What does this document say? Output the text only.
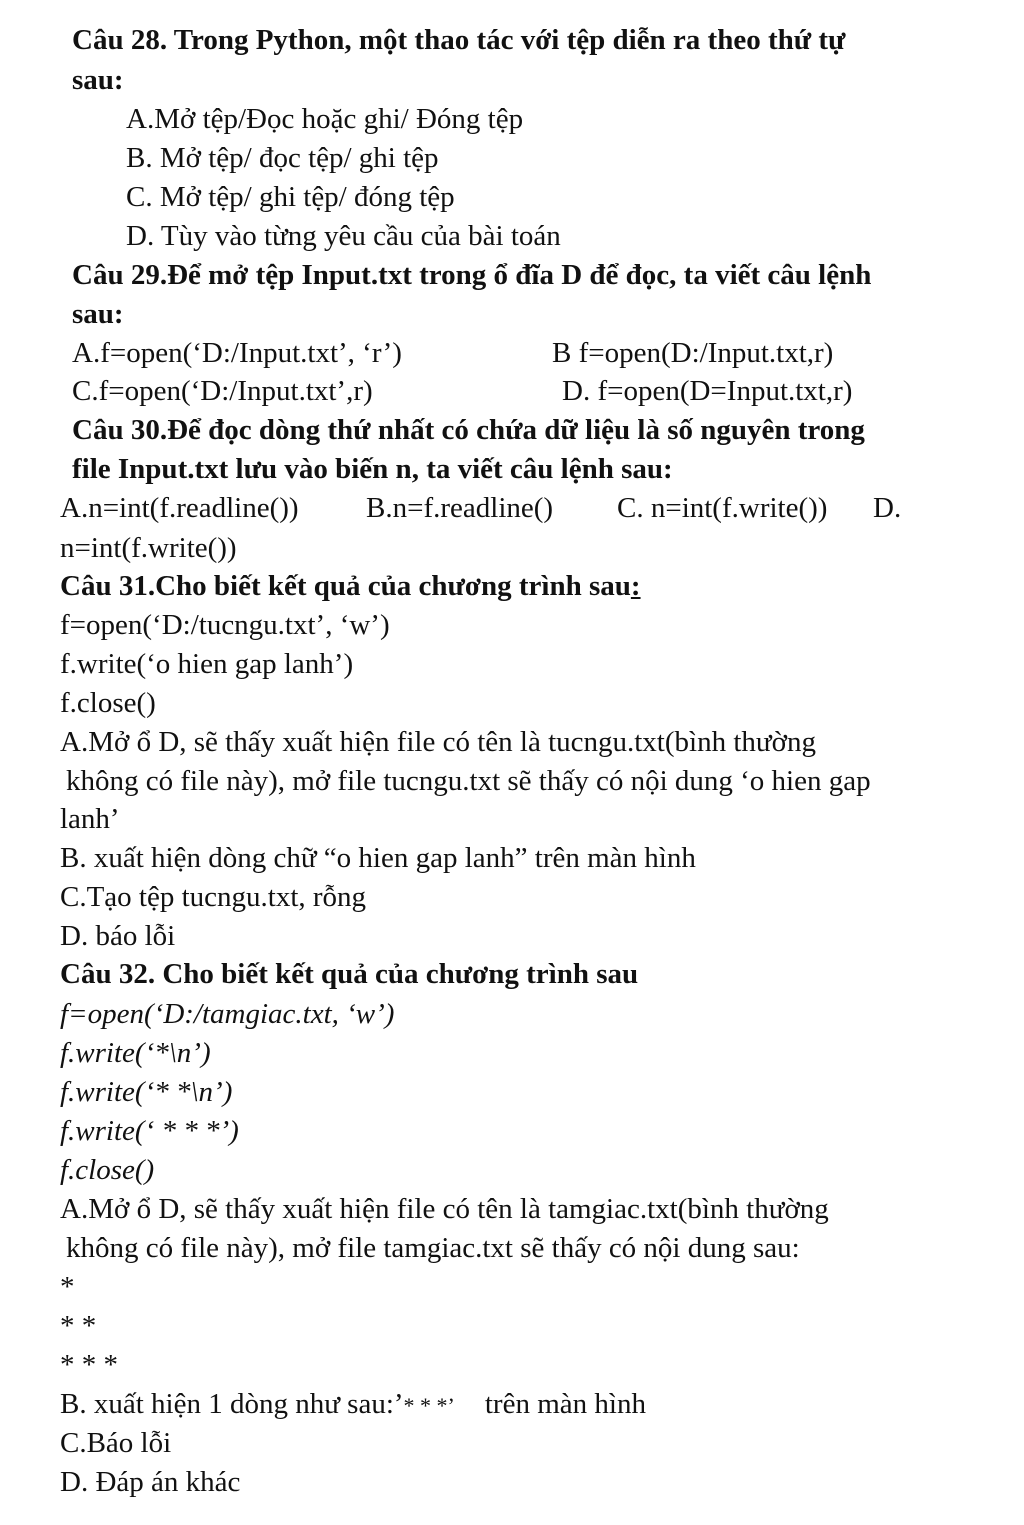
Câu 28. Trong Python, một thao tác với tệp diễn ra theo thứ tự
sau:
A.Mở tệp/Đọc hoặc ghi/ Đóng tệp
B. Mở tệp/ đọc tệp/ ghi tệp
C. Mở tệp/ ghi tệp/ đóng tệp
D. Tùy vào từng yêu cầu của bài toán
Câu 29.Để mở tệp Input.txt trong ổ đĩa D để đọc, ta viết câu lệnh
sau:
A.f=open(‘D:/Input.txt’, ‘r’)	B f=open(D:/Input.txt,r)
C.f=open(‘D:/Input.txt’,r)	D. f=open(D=Input.txt,r)
Câu 30.Để đọc dòng thứ nhất có chứa dữ liệu là số nguyên trong
file Input.txt lưu vào biến n, ta viết câu lệnh sau:
A.n=int(f.readline()) B.n=f.readline() C. n=int(f.write()) D.
n=int(f.write())
Câu 31.Cho biết kết quả của chương trình sau:
f=open(‘D:/tucngu.txt’, ‘w’)
f.write(‘o hien gap lanh’)
f.close()
A.Mở ổ D, sẽ thấy xuất hiện file có tên là tucngu.txt(bình thường
không có file này), mở file tucngu.txt sẽ thấy có nội dung ‘o hien gap
lanh’
B. xuất hiện dòng chữ “o hien gap lanh” trên màn hình
C.Tạo tệp tucngu.txt, rỗng
D. báo lỗi
Câu 32. Cho biết kết quả của chương trình sau
f=open(‘D:/tamgiac.txt, ‘w’)
f.write(‘*\n’)
f.write(‘* *\n’)
f.write(‘ * * *’)
f.close()
A.Mở ổ D, sẽ thấy xuất hiện file có tên là tamgiac.txt(bình thường
không có file này), mở file tamgiac.txt sẽ thấy có nội dung sau:
*
* *
* * *
B. xuất hiện 1 dòng như sau:’* * *’ trên màn hình
C.Báo lỗi
D. Đáp án khác
